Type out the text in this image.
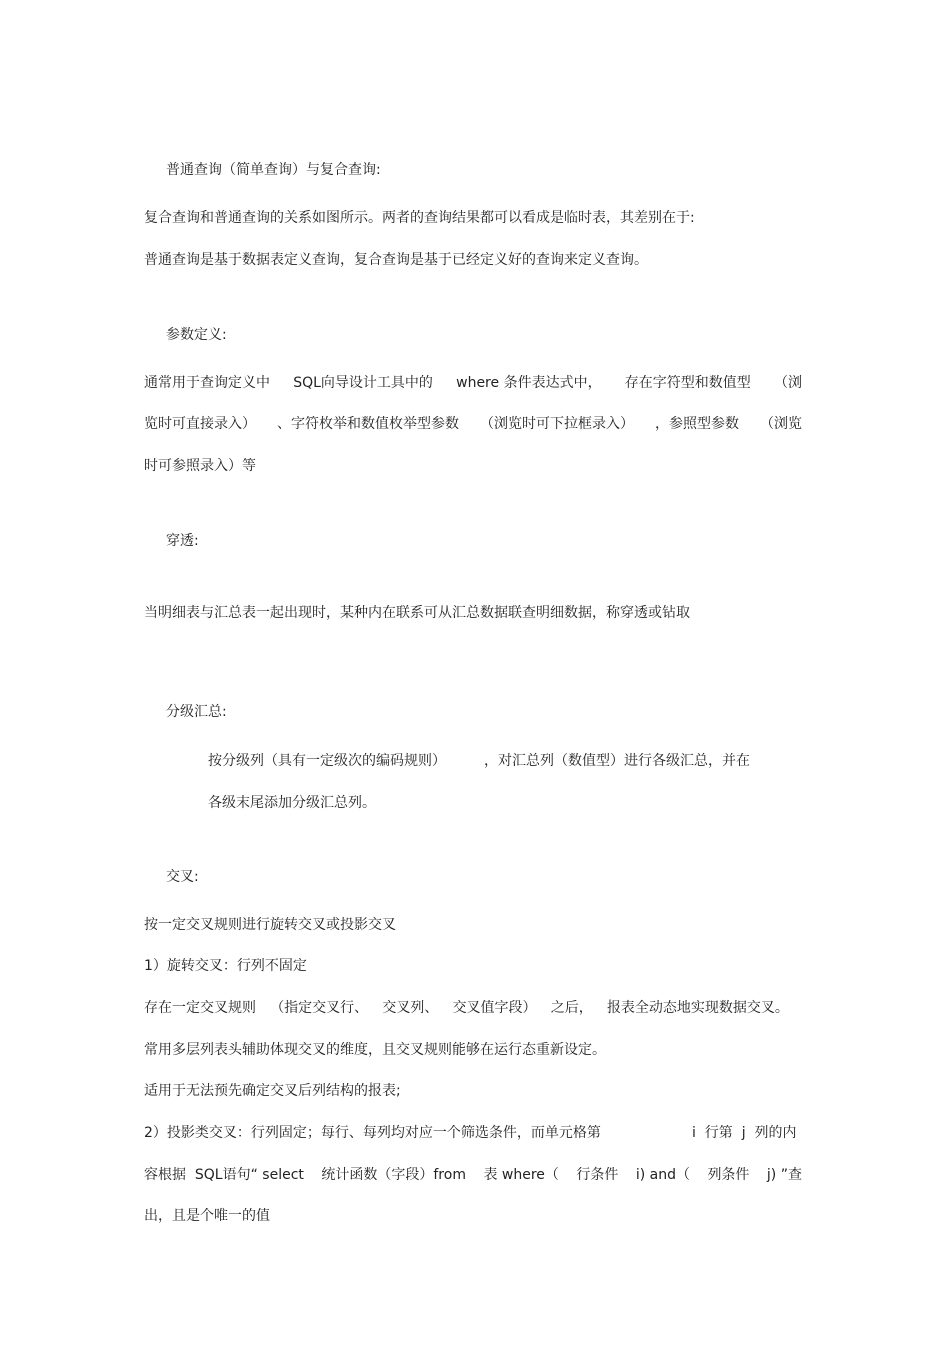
普通查询（简单查询）与复合查询:
复合查询和普通查询的关系如图所示。两者的查询结果都可以看成是临时表，其差别在于:
普通查询是基于数据表定义查询，复合查询是基于已经定义好的查询来定义查询。
参数定义:
通常用于查询定义中 SQL向导设计工具中的 where 条件表达式中， 存在字符型和数值型 （浏
览时可直接录入） 、字符枚举和数值枚举型参数 （浏览时可下拉框录入） ，参照型参数 （浏览
时可参照录入）等
穿透:
当明细表与汇总表一起出现时，某种内在联系可从汇总数据联查明细数据，称穿透或钻取
分级汇总:
按分级列（具有一定级次的编码规则）	，对汇总列（数值型）进行各级汇总，并在
各级末尾添加分级汇总列。
交叉:
按一定交叉规则进行旋转交叉或投影交叉
1）旋转交叉：行列不固定
存在一定交叉规则 （指定交叉行、 交叉列、 交叉值字段） 之后， 报表全动态地实现数据交叉。
常用多层列表头辅助体现交叉的维度，且交叉规则能够在运行态重新设定。
适用于无法预先确定交叉后列结构的报表;
2）投影类交叉：行列固定；每行、每列均对应一个筛选条件，而单元格第	i  行第  j  列的内
容根据  SQL语句“ select 统计函数（字段）from 表 where（ 行条件 i) and（ 列条件 j) ”查
出，且是个唯一的值
